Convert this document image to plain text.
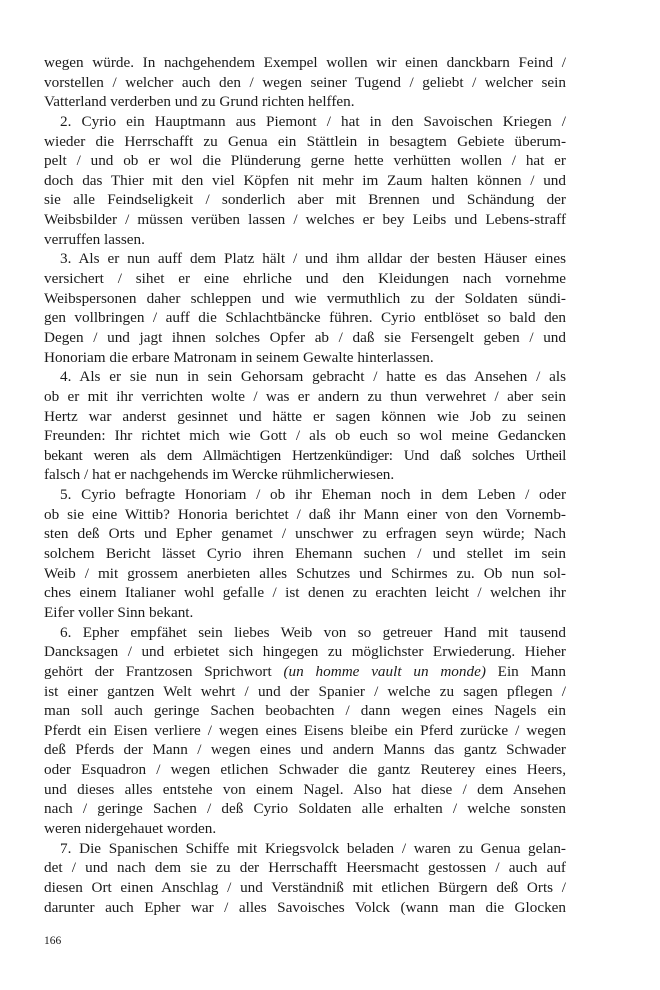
wegen würde. In nachgehendem Exempel wollen wir einen danckbarn Feind /
vorstellen / welcher auch den / wegen seiner Tugend / geliebt / welcher sein
Vatterland verderben und zu Grund richten helffen.
2. Cyrio ein Hauptmann aus Piemont / hat in den Savoischen Kriegen /
wieder die Herrschafft zu Genua ein Stättlein in besagtem Gebiete überum-
pelt / und ob er wol die Plünderung gerne hette verhütten wollen / hat er
doch das Thier mit den viel Köpfen nit mehr im Zaum halten können / und
sie alle Feindseligkeit / sonderlich aber mit Brennen und Schändung der
Weibsbilder / müssen verüben lassen / welches er bey Leibs und Lebens-straff
verruffen lassen.
3. Als er nun auff dem Platz hält / und ihm alldar der besten Häuser eines
versichert / sihet er eine ehrliche und den Kleidungen nach vornehme
Weibspersonen daher schleppen und wie vermuthlich zu der Soldaten sündi-
gen vollbringen / auff die Schlachtbäncke führen. Cyrio entblöset so bald den
Degen / und jagt ihnen solches Opfer ab / daß sie Fersengelt geben / und
Honoriam die erbare Matronam in seinem Gewalte hinterlassen.
4. Als er sie nun in sein Gehorsam gebracht / hatte es das Ansehen / als
ob er mit ihr verrichten wolte / was er andern zu thun verwehret / aber sein
Hertz war anderst gesinnet und hätte er sagen können wie Job zu seinen
Freunden: Ihr richtet mich wie Gott / als ob euch so wol meine Gedancken
bekant weren als dem Allmächtigen Hertzenkündiger: Und daß solches Urtheil
falsch / hat er nachgehends im Wercke rühmlicherwiesen.
5. Cyrio befragte Honoriam / ob ihr Eheman noch in dem Leben / oder
ob sie eine Wittib? Honoria berichtet / daß ihr Mann einer von den Vornemb-
sten deß Orts und Epher genamet / unschwer zu erfragen seyn würde; Nach
solchem Bericht lässet Cyrio ihren Ehemann suchen / und stellet im sein
Weib / mit grossem anerbieten alles Schutzes und Schirmes zu. Ob nun sol-
ches einem Italianer wohl gefalle / ist denen zu erachten leicht / welchen ihr
Eifer voller Sinn bekant.
6. Epher empfähet sein liebes Weib von so getreuer Hand mit tausend
Dancksagen / und erbietet sich hingegen zu möglichster Erwiederung. Hieher
gehört der Frantzosen Sprichwort (un homme vault un monde) Ein Mann
ist einer gantzen Welt wehrt / und der Spanier / welche zu sagen pflegen /
man soll auch geringe Sachen beobachten / dann wegen eines Nagels ein
Pferdt ein Eisen verliere / wegen eines Eisens bleibe ein Pferd zurücke / wegen
deß Pferds der Mann / wegen eines und andern Manns das gantz Schwader
oder Esquadron / wegen etlichen Schwader die gantz Reuterey eines Heers,
und dieses alles entstehe von einem Nagel. Also hat diese / dem Ansehen
nach / geringe Sachen / deß Cyrio Soldaten alle erhalten / welche sonsten
weren nidergehauet worden.
7. Die Spanischen Schiffe mit Kriegsvolck beladen / waren zu Genua gelan-
det / und nach dem sie zu der Herrschafft Heersmacht gestossen / auch auf
diesen Ort einen Anschlag / und Verständniß mit etlichen Bürgern deß Orts /
darunter auch Epher war / alles Savoisches Volck (wann man die Glocken
166
